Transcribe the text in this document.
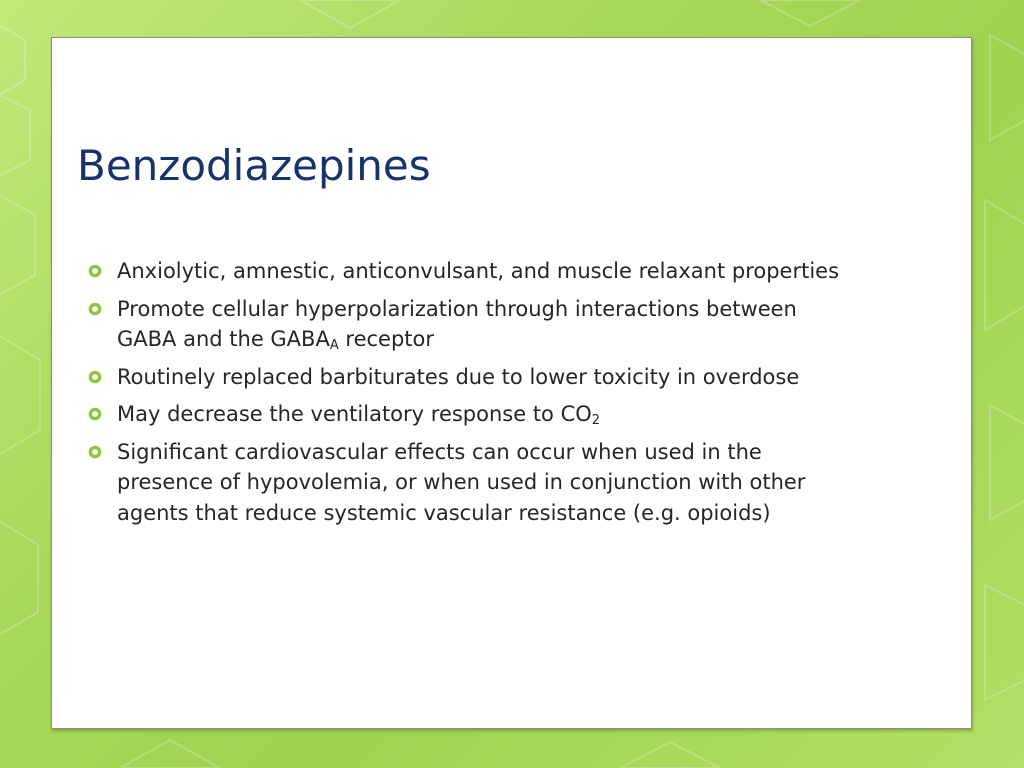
Benzodiazepines
Anxiolytic, amnestic, anticonvulsant, and muscle relaxant properties
Promote cellular hyperpolarization through interactions between GABA and the $GABA_A$ receptor
Routinely replaced barbiturates due to lower toxicity in overdose
May decrease the ventilatory response to $CO_2$
Significant cardiovascular effects can occur when used in the presence of hypovolemia, or when used in conjunction with other agents that reduce systemic vascular resistance (e.g. opioids)
